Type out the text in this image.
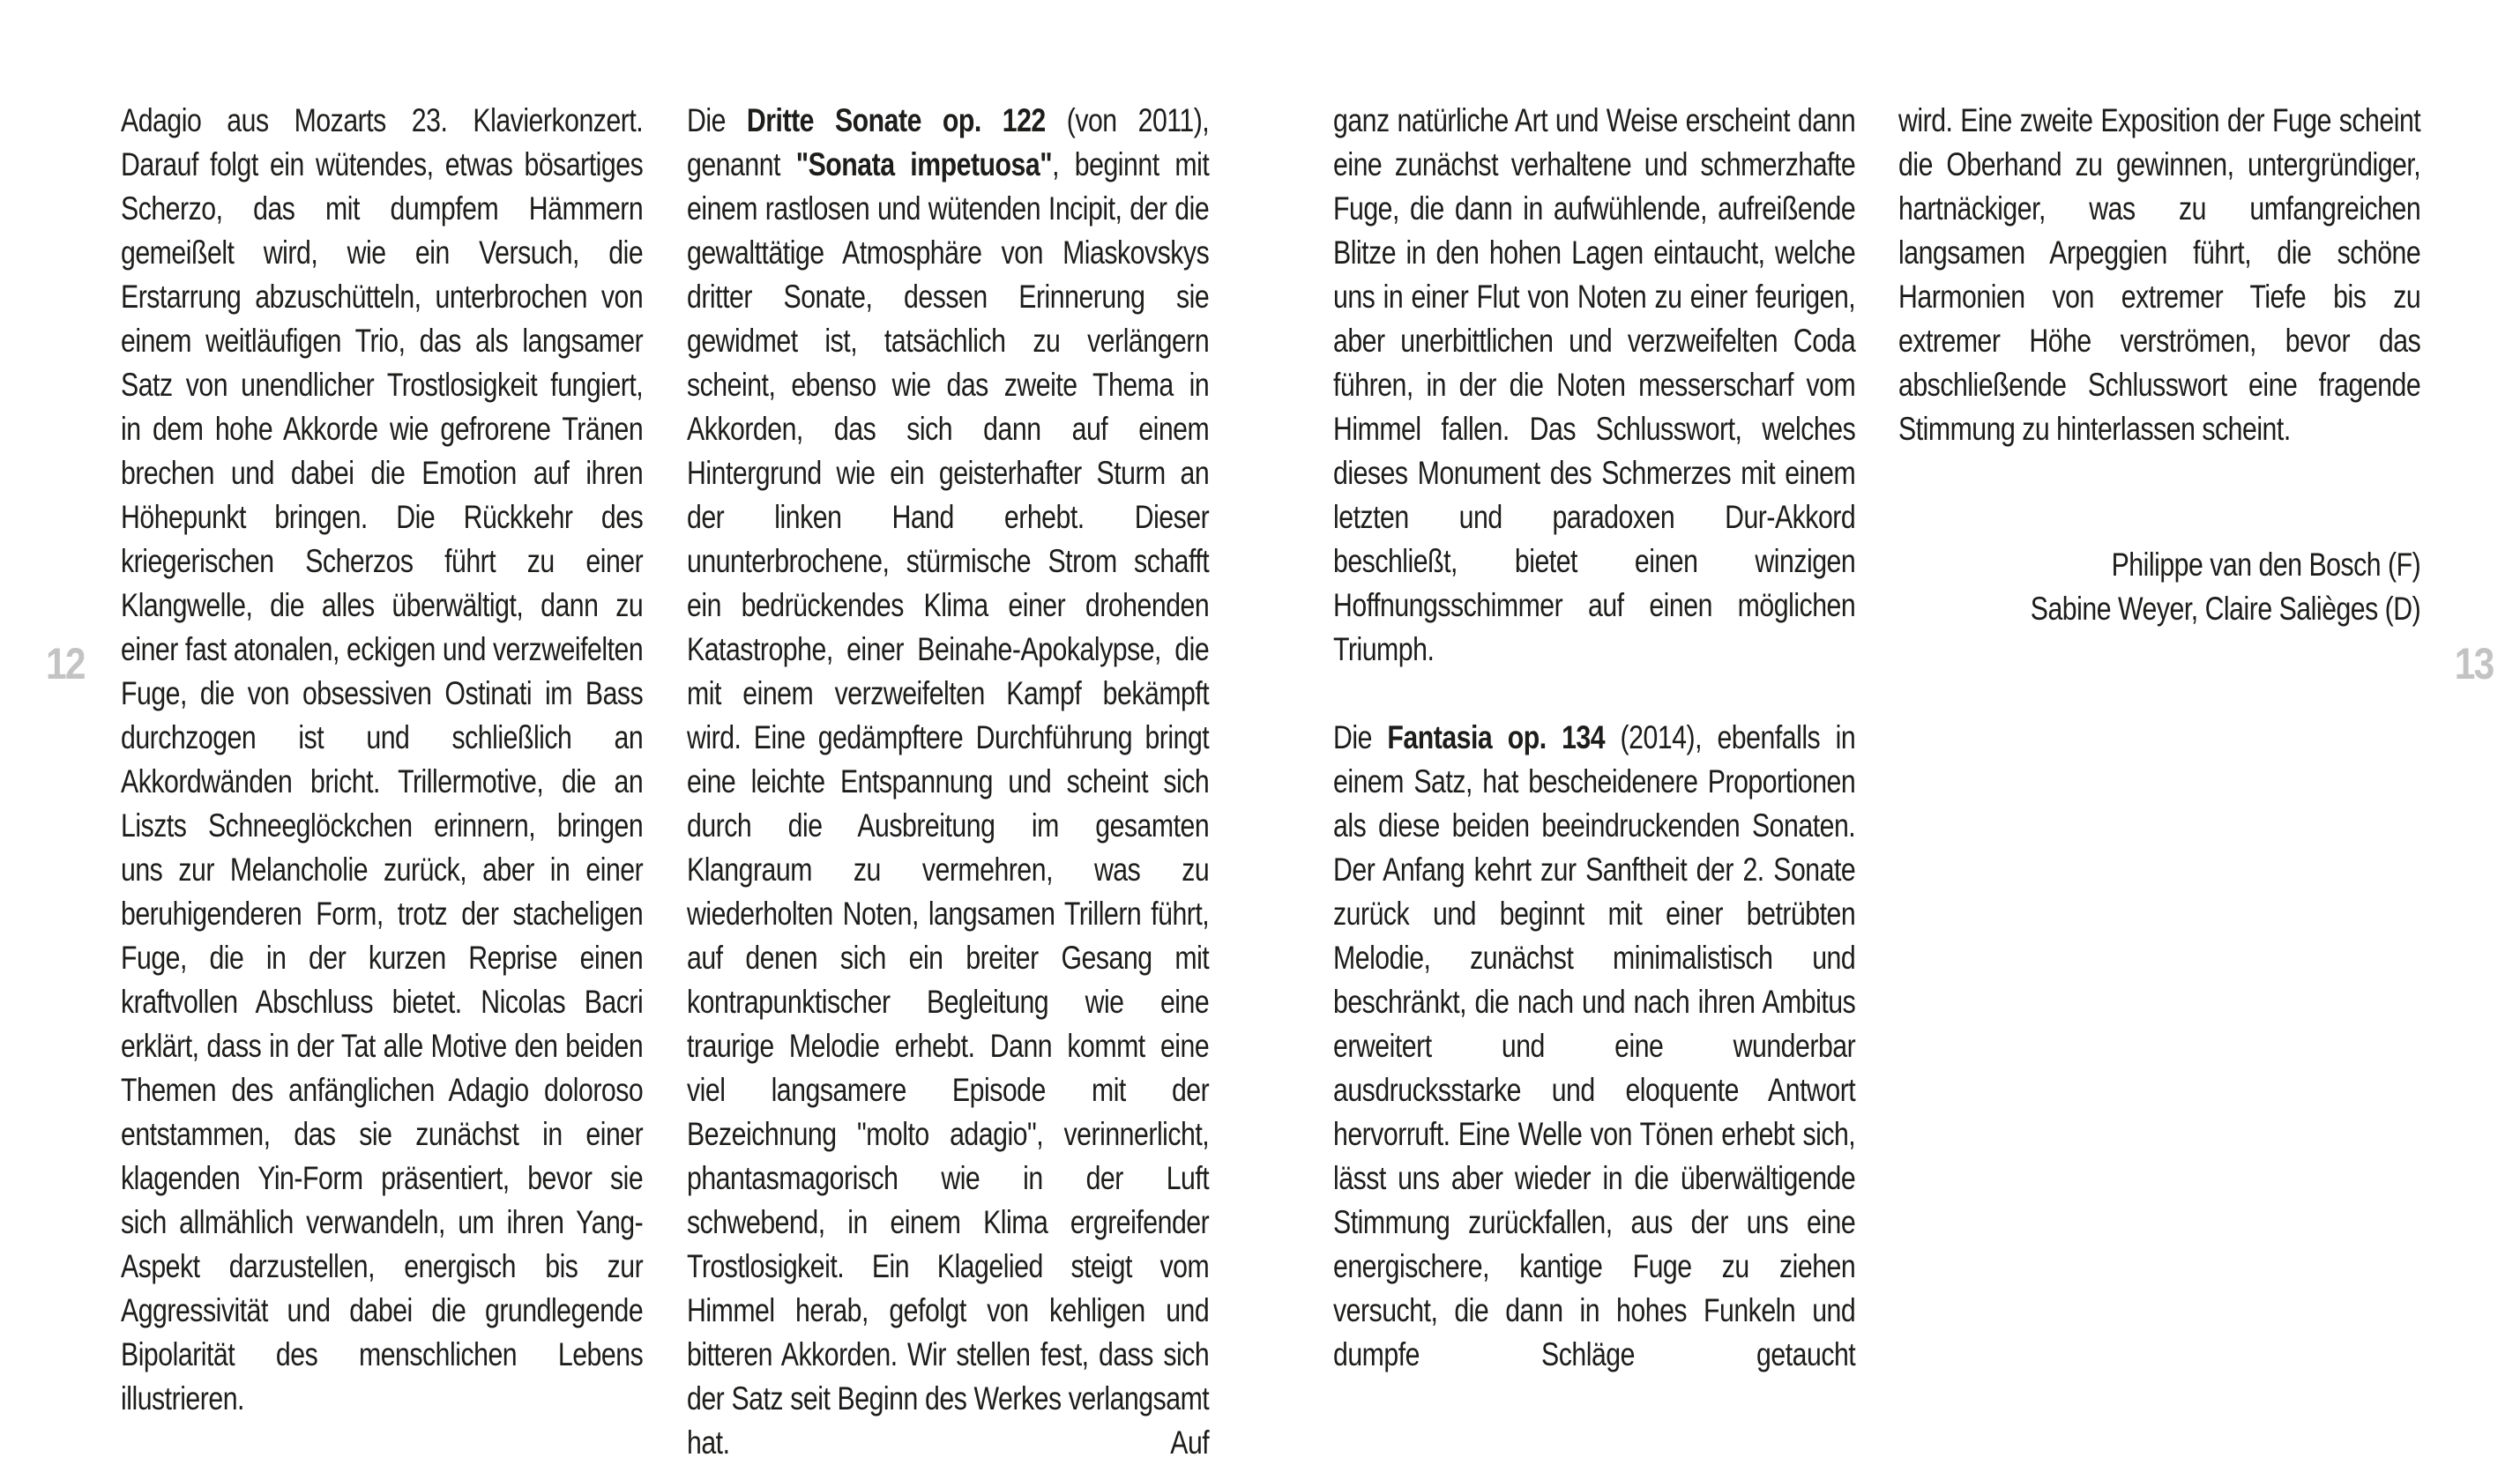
12

Adagio aus Mozarts 23. Klavierkonzert. Darauf folgt ein wütendes, etwas bösartiges Scherzo, das mit dumpfem Hämmern gemeißelt wird, wie ein Versuch, die Erstarrung abzuschütteln, unterbrochen von einem weitläufigen Trio, das als langsamer Satz von unendlicher Trostlosigkeit fungiert, in dem hohe Akkorde wie gefrorene Tränen brechen und dabei die Emotion auf ihren Höhepunkt bringen. Die Rückkehr des kriegerischen Scherzos führt zu einer Klangwelle, die alles überwältigt, dann zu einer fast atonalen, eckigen und verzweifelten Fuge, die von obsessiven Ostinati im Bass durchzogen ist und schließlich an Akkordwänden bricht. Trillermotive, die an Liszts Schneeglöckchen erinnern, bringen uns zur Melancholie zurück, aber in einer beruhigenderen Form, trotz der stacheligen Fuge, die in der kurzen Reprise einen kraftvollen Abschluss bietet. Nicolas Bacri erklärt, dass in der Tat alle Motive den beiden Themen des anfänglichen Adagio doloroso entstammen, das sie zunächst in einer klagenden Yin-Form präsentiert, bevor sie sich allmählich verwandeln, um ihren Yang-Aspekt darzustellen, energisch bis zur Aggressivität und dabei die grundlegende Bipolarität des menschlichen Lebens illustrieren.

Die Dritte Sonate op. 122 (von 2011), genannt "Sonata impetuosa", beginnt mit einem rastlosen und wütenden Incipit, der die gewalttätige Atmosphäre von Miaskovskys dritter Sonate, dessen Erinnerung sie gewidmet ist, tatsächlich zu verlängern scheint, ebenso wie das zweite Thema in Akkorden, das sich dann auf einem Hintergrund wie ein geisterhafter Sturm an der linken Hand erhebt. Dieser ununterbrochene, stürmische Strom schafft ein bedrückendes Klima einer drohenden Katastrophe, einer Beinahe-Apokalypse, die mit einem verzweifelten Kampf bekämpft wird. Eine gedämpftere Durchführung bringt eine leichte Entspannung und scheint sich durch die Ausbreitung im gesamten Klangraum zu vermehren, was zu wiederholten Noten, langsamen Trillern führt, auf denen sich ein breiter Gesang mit kontrapunktischer Begleitung wie eine traurige Melodie erhebt. Dann kommt eine viel langsamere Episode mit der Bezeichnung "molto adagio", verinnerlicht, phantasmagorisch wie in der Luft schwebend, in einem Klima ergreifender Trostlosigkeit. Ein Klagelied steigt vom Himmel herab, gefolgt von kehligen und bitteren Akkorden. Wir stellen fest, dass sich der Satz seit Beginn des Werkes verlangsamt hat. Auf

ganz natürliche Art und Weise erscheint dann eine zunächst verhaltene und schmerzhafte Fuge, die dann in aufwühlende, aufreißende Blitze in den hohen Lagen eintaucht, welche uns in einer Flut von Noten zu einer feurigen, aber unerbittlichen und verzweifelten Coda führen, in der die Noten messerscharf vom Himmel fallen. Das Schlusswort, welches dieses Monument des Schmerzes mit einem letzten und paradoxen Dur-Akkord beschließt, bietet einen winzigen Hoffnungsschimmer auf einen möglichen Triumph.

Die Fantasia op. 134 (2014), ebenfalls in einem Satz, hat bescheidenere Proportionen als diese beiden beeindruckenden Sonaten. Der Anfang kehrt zur Sanftheit der 2. Sonate zurück und beginnt mit einer betrübten Melodie, zunächst minimalistisch und beschränkt, die nach und nach ihren Ambitus erweitert und eine wunderbar ausdrucksstarke und eloquente Antwort hervorruft. Eine Welle von Tönen erhebt sich, lässt uns aber wieder in die überwältigende Stimmung zurückfallen, aus der uns eine energischere, kantige Fuge zu ziehen versucht, die dann in hohes Funkeln und dumpfe Schläge getaucht

wird. Eine zweite Exposition der Fuge scheint die Oberhand zu gewinnen, untergründiger, hartnäckiger, was zu umfangreichen langsamen Arpeggien führt, die schöne Harmonien von extremer Tiefe bis zu extremer Höhe verströmen, bevor das abschließende Schlusswort eine fragende Stimmung zu hinterlassen scheint.

Philippe van den Bosch (F)
Sabine Weyer, Claire Salièges (D)
13
